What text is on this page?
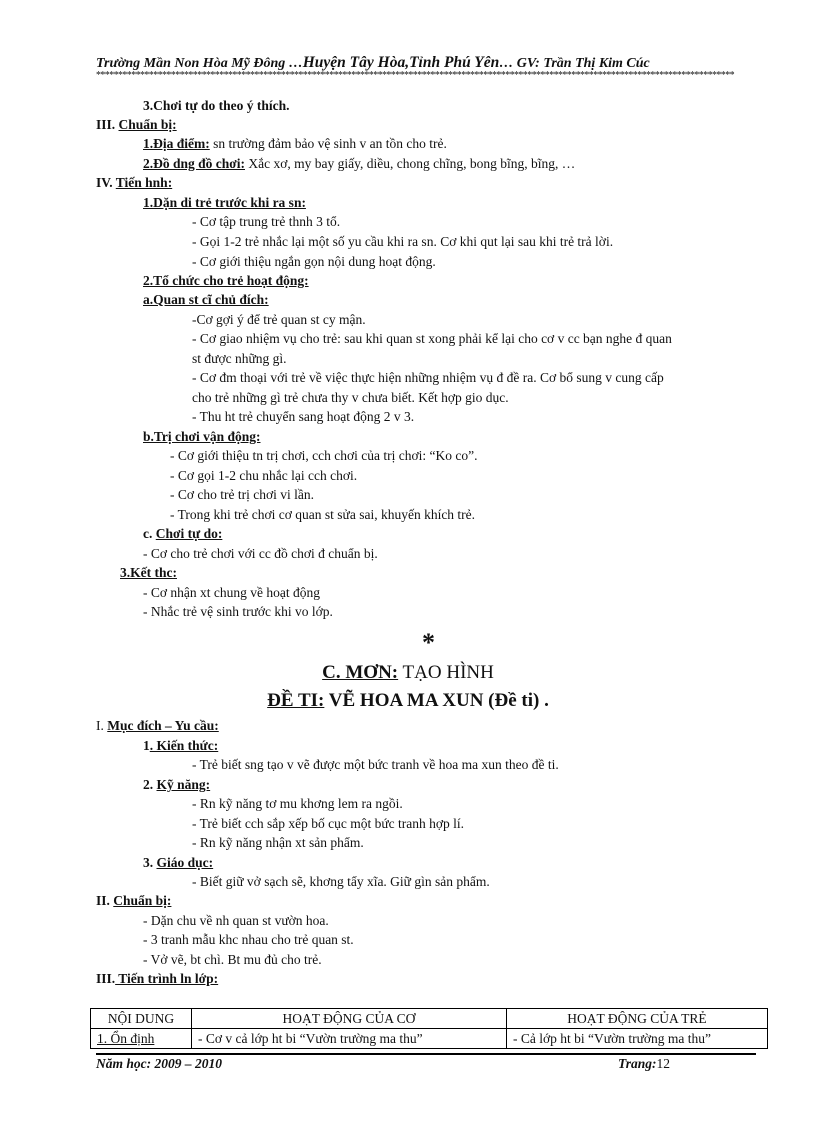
Trường Mần Non Hòa Mỹ Đông …Huyện Tây Hòa,Tỉnh Phú Yên… GV: Trần Thị Kim Cúc
*************************************************************************************************************************************************
3.Chơi tự do theo ý thích.
III. Chuẩn bị:
1.Địa điểm: sn trường đảm bảo vệ sinh v an tồn cho trẻ.
2.Đồ dng đồ chơi: Xắc xơ, my bay giấy, diều, chong chĩng, bong bĩng, bĩng, …
IV. Tiến hnh:
1.Dặn di trẻ trước khi ra sn:
- Cơ tập trung trẻ thnh 3 tổ.
- Gọi 1-2 trẻ nhắc lại một số yu cầu khi ra sn. Cơ khi qut lại sau khi trẻ trả lời.
- Cơ giới thiệu ngắn gọn nội dung hoạt động.
2.Tổ chức cho trẻ hoạt động:
a.Quan st cĩ chủ đích:
-Cơ gợi ý để trẻ quan st cy mận.
- Cơ giao nhiệm vụ cho trẻ: sau khi quan st xong phải kể lại cho cơ v cc bạn nghe đ quan
st được những gì.
- Cơ đm thoại với trẻ về việc thực hiện những nhiệm vụ đ đề ra. Cơ bổ sung v cung cấp
cho trẻ những gì trẻ chưa thy v chưa biết. Kết hợp gio dục.
- Thu ht trẻ chuyển sang hoạt động 2 v 3.
b.Trị chơi vận động:
- Cơ giới thiệu tn trị chơi, cch chơi của trị chơi: “Ko co”.
- Cơ gọi 1-2 chu nhắc lại cch chơi.
- Cơ cho trẻ trị chơi vi lần.
- Trong khi trẻ chơi cơ quan st sửa sai, khuyến khích trẻ.
c. Chơi tự do:
- Cơ cho trẻ chơi với cc đồ chơi đ chuẩn bị.
3.Kết thc:
- Cơ nhận xt chung về hoạt động
- Nhắc trẻ vệ sinh trước khi vo lớp.
*
C. MƠN: TẠO HÌNH
ĐỀ TI: VẼ HOA MA XUN (Đề ti) .
I. Mục đích – Yu cầu:
1. Kiến thức:
- Trẻ biết sng tạo v vẽ được một bức tranh về hoa ma xun theo đề ti.
2. Kỹ năng:
- Rn kỹ năng tơ mu khơng lem ra ngồi.
- Trẻ biết cch sắp xếp bố cục một bức tranh hợp lí.
- Rn kỹ năng nhận xt sản phẩm.
3. Giáo dục:
- Biết giữ vở sạch sẽ, khơng tẩy xĩa. Giữ gìn sản phẩm.
II. Chuẩn bị:
- Dặn chu về nh quan st vườn hoa.
- 3 tranh mẫu khc nhau cho trẻ quan st.
- Vở vẽ, bt chì. Bt mu đủ cho trẻ.
III. Tiến trình ln lớp:
NỘI DUNG	HOẠT ĐỘNG CỦA CƠ	HOẠT ĐỘNG CỦA TRẺ
1. Ổn định	- Cơ v cả lớp ht bi “Vườn trường ma thu”	- Cả lớp ht bi “Vườn trường ma thu”
Năm học: 2009 – 2010	Trang:12
